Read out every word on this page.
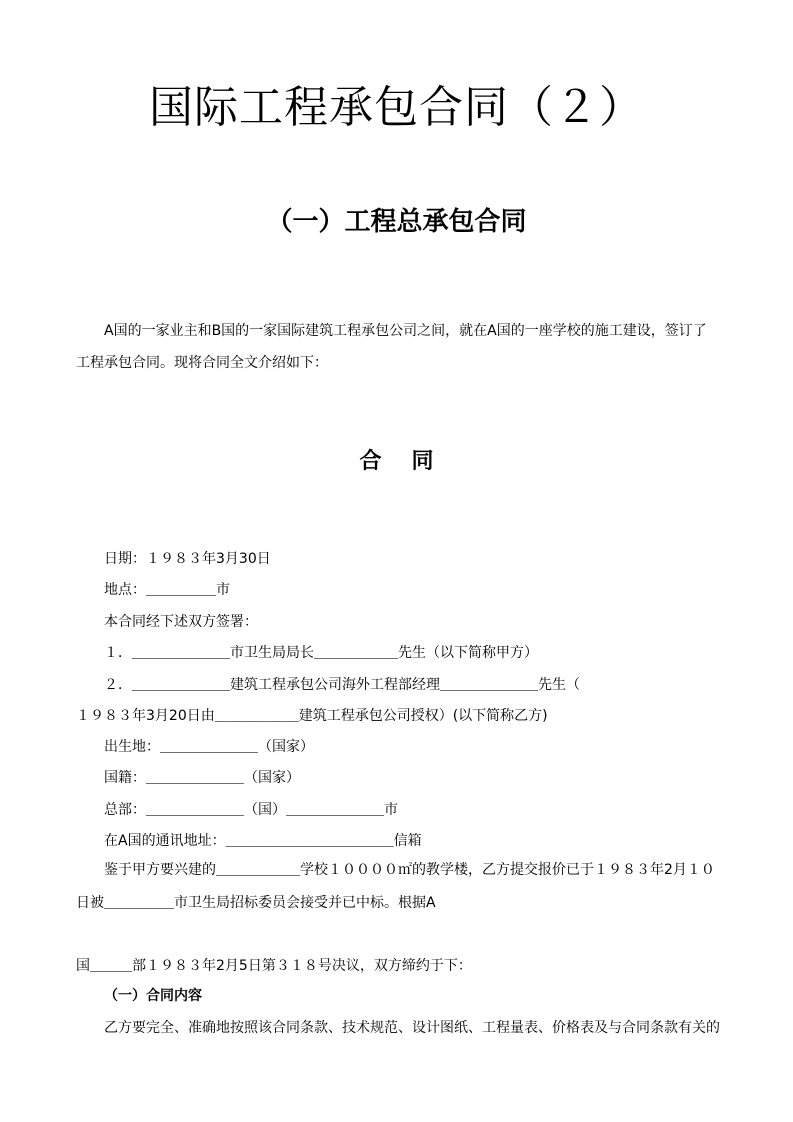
国际工程承包合同（２）
（一）工程总承包合同
A国的一家业主和B国的一家国际建筑工程承包公司之间，就在A国的一座学校的施工建设，签订了
工程承包合同。现将合同全文介绍如下：
合同
日期：１９８３年3月30日
地点：＿＿＿＿＿市
本合同经下述双方签署：
１．＿＿＿＿＿＿＿市卫生局局长＿＿＿＿＿＿先生（以下简称甲方）
２．＿＿＿＿＿＿＿建筑工程承包公司海外工程部经理＿＿＿＿＿＿＿先生（
１９８３年3月20日由＿＿＿＿＿＿建筑工程承包公司授权）(以下简称乙方)
出生地：＿＿＿＿＿＿＿（国家）
国籍：＿＿＿＿＿＿＿（国家）
总部：＿＿＿＿＿＿＿（国）＿＿＿＿＿＿＿市
在A国的通讯地址：＿＿＿＿＿＿＿＿＿＿＿＿信箱
鉴于甲方要兴建的＿＿＿＿＿＿学校１００００㎡的教学楼，乙方提交报价已于１９８３年2月１０
日被＿＿＿＿＿市卫生局招标委员会接受并已中标。根据A
国＿＿＿部１９８３年2月5日第３１８号决议，双方缔约于下：
（一）合同内容
乙方要完全、准确地按照该合同条款、技术规范、设计图纸、工程量表、价格表及与合同条款有关的
